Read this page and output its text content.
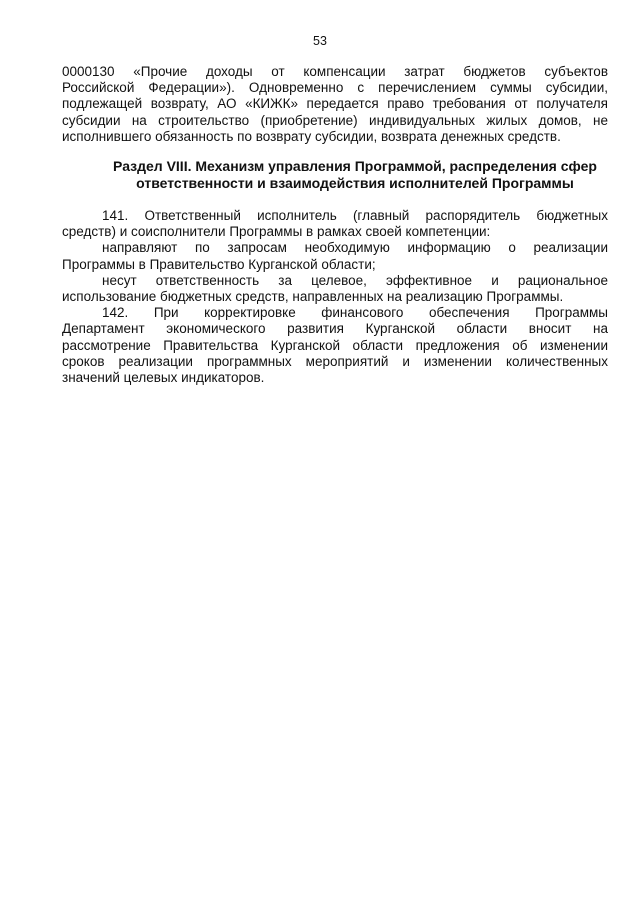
53
0000130 «Прочие доходы от компенсации затрат бюджетов субъектов
Российской Федерации»). Одновременно с перечислением суммы субсидии,
подлежащей возврату, АО «КИЖК» передается право требования от получателя
субсидии на строительство (приобретение) индивидуальных жилых домов, не
исполнившего обязанность по возврату субсидии, возврата денежных средств.
Раздел VIII. Механизм управления Программой, распределения сфер
ответственности и взаимодействия исполнителей Программы
141. Ответственный исполнитель (главный распорядитель бюджетных
средств) и соисполнители Программы в рамках своей компетенции:
направляют по запросам необходимую информацию о реализации
Программы в Правительство Курганской области;
несут ответственность за целевое, эффективное и рациональное
использование бюджетных средств, направленных на реализацию Программы.
142. При корректировке финансового обеспечения Программы
Департамент экономического развития Курганской области вносит на
рассмотрение Правительства Курганской области предложения об изменении
сроков реализации программных мероприятий и изменении количественных
значений целевых индикаторов.
